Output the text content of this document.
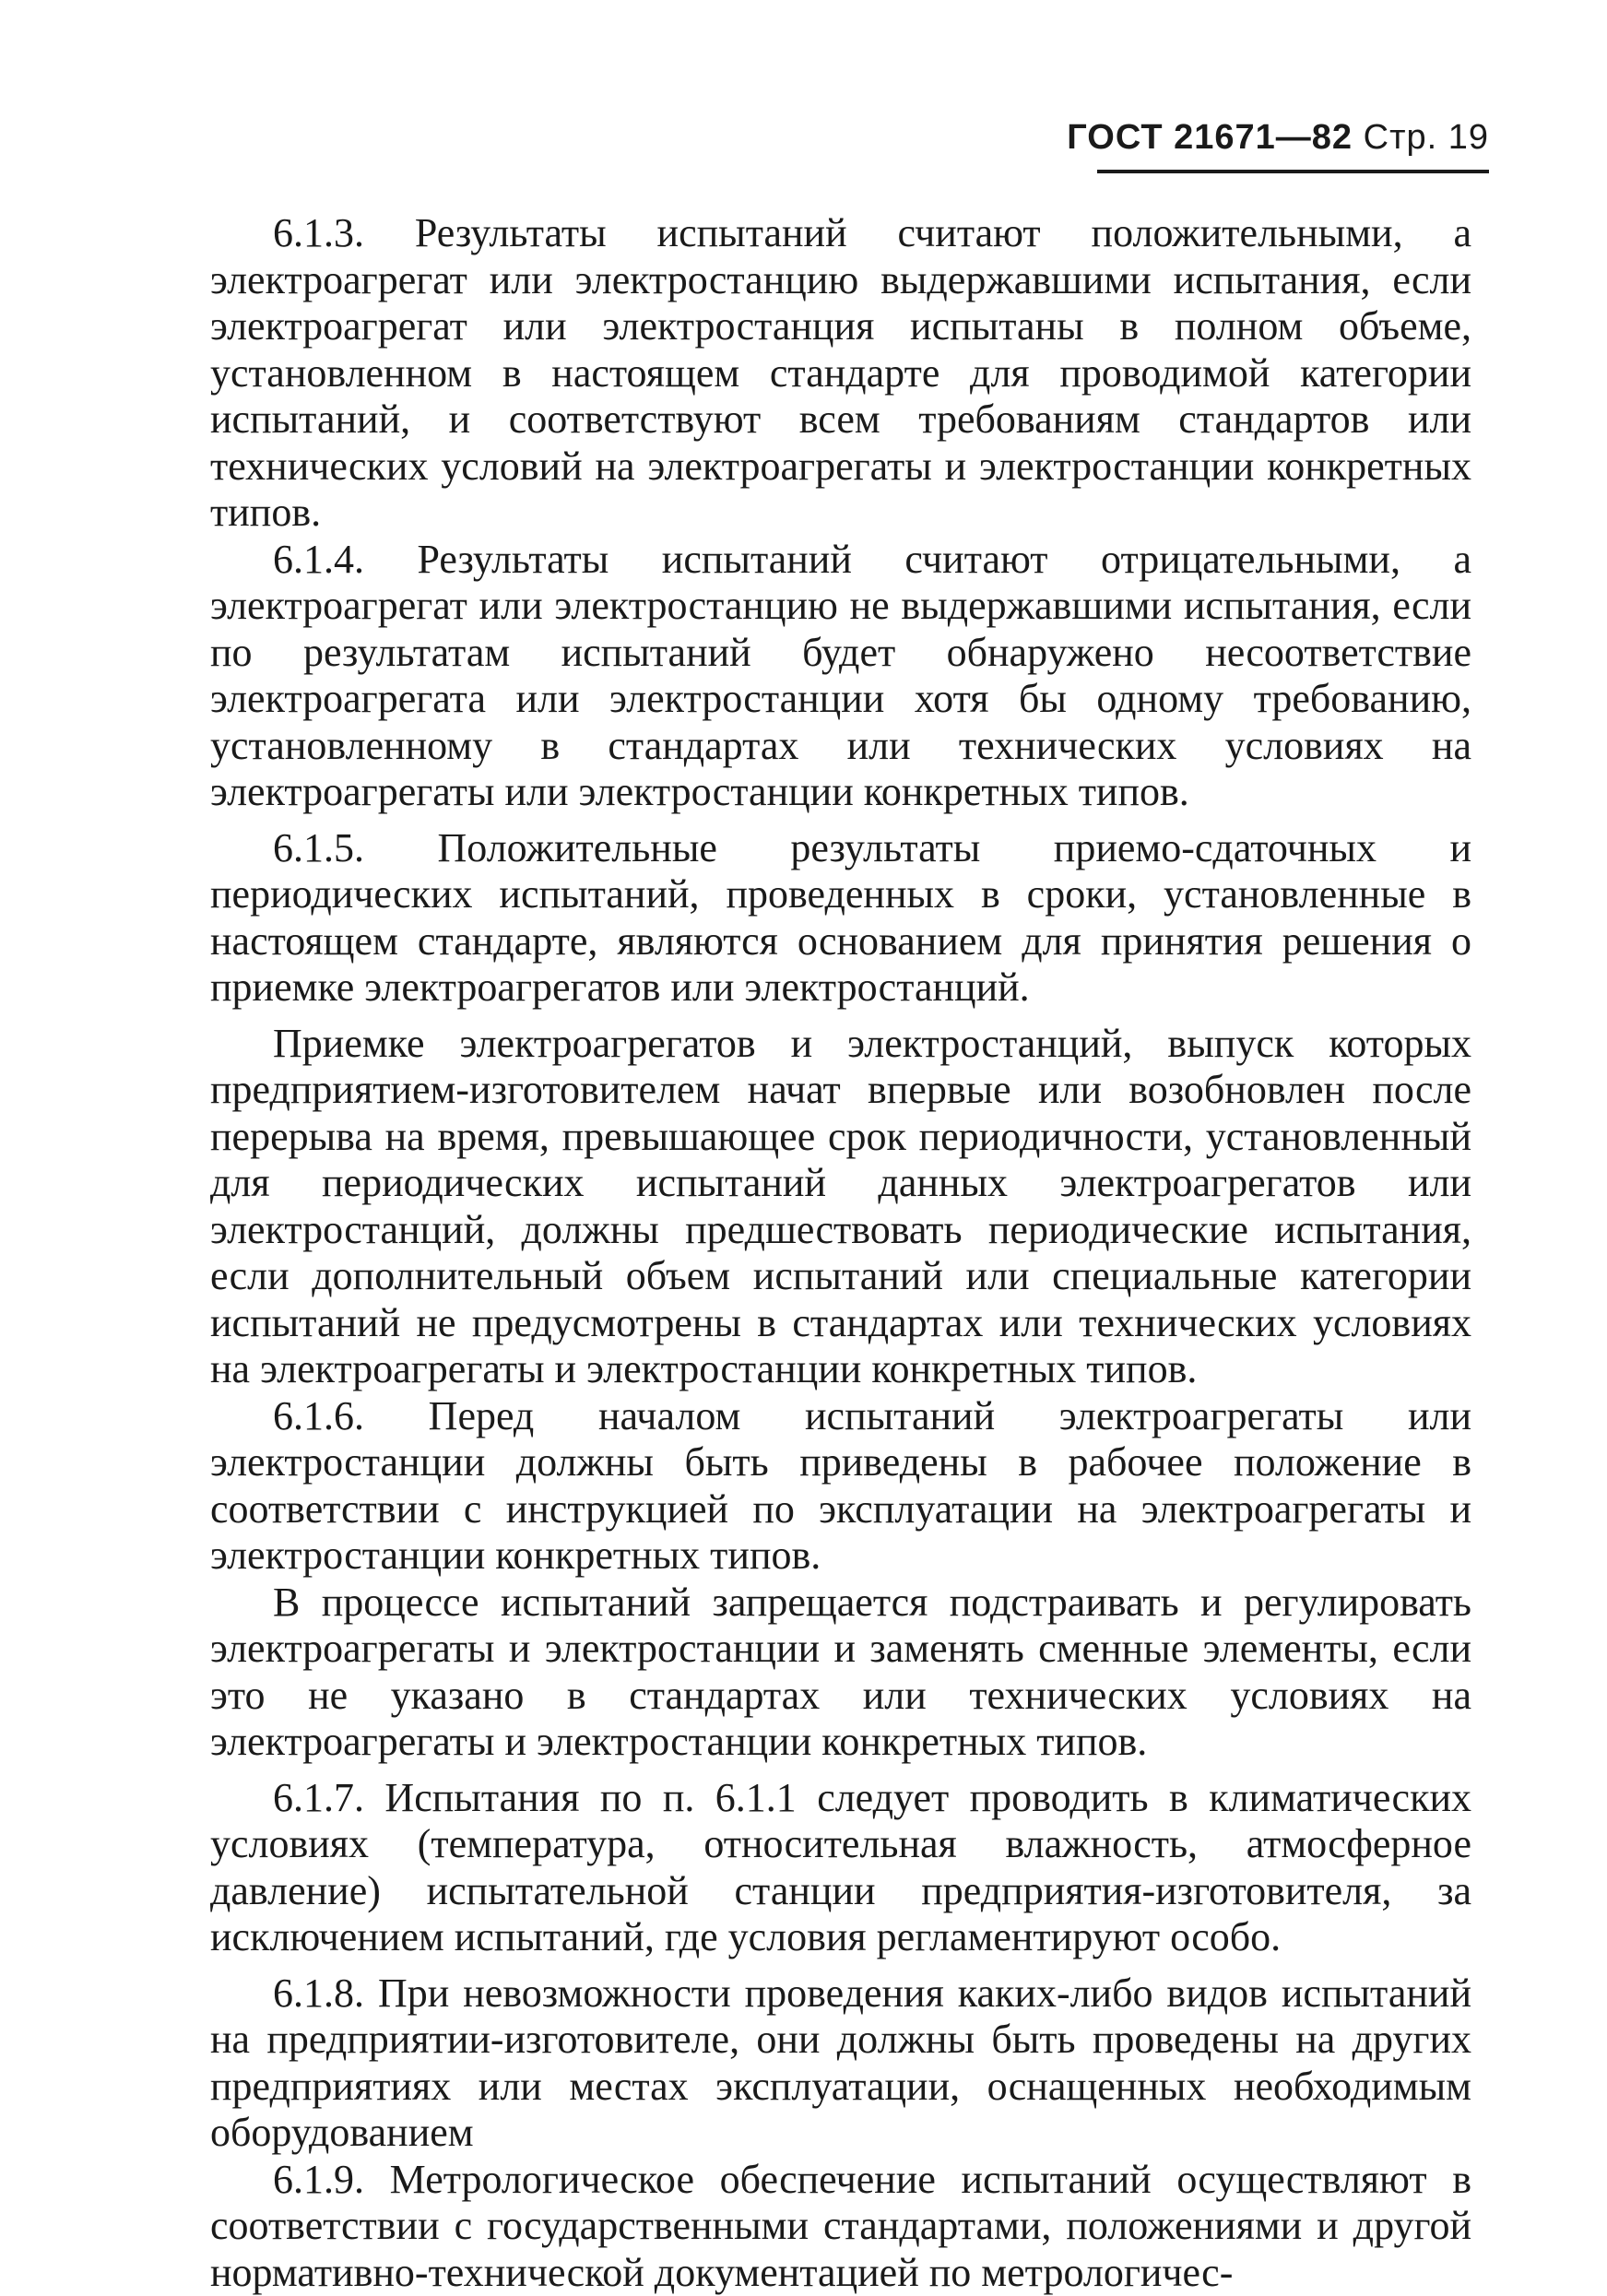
ГОСТ 21671—82 Стр. 19

6.1.3. Результаты испытаний считают положительными, а электроагрегат или электростанцию выдержавшими испытания, если электроагрегат или электростанция испытаны в полном объеме, установленном в настоящем стандарте для проводимой категории испытаний, и соответствуют всем требованиям стандартов или технических условий на электроагрегаты и электростанции конкретных типов.

6.1.4. Результаты испытаний считают отрицательными, а электроагрегат или электростанцию не выдержавшими испытания, если по результатам испытаний будет обнаружено несоответствие электроагрегата или электростанции хотя бы одному требованию, установленному в стандартах или технических условиях на электроагрегаты или электростанции конкретных типов.

6.1.5. Положительные результаты приемо-сдаточных и периодических испытаний, проведенных в сроки, установленные в настоящем стандарте, являются основанием для принятия решения о приемке электроагрегатов или электростанций.

Приемке электроагрегатов и электростанций, выпуск которых предприятием-изготовителем начат впервые или возобновлен после перерыва на время, превышающее срок периодичности, установленный для периодических испытаний данных электроагрегатов или электростанций, должны предшествовать периодические испытания, если дополнительный объем испытаний или специальные категории испытаний не предусмотрены в стандартах или технических условиях на электроагрегаты и электростанции конкретных типов.

6.1.6. Перед началом испытаний электроагрегаты или электростанции должны быть приведены в рабочее положение в соответствии с инструкцией по эксплуатации на электроагрегаты и электростанции конкретных типов.

В процессе испытаний запрещается подстраивать и регулировать электроагрегаты и электростанции и заменять сменные элементы, если это не указано в стандартах или технических условиях на электроагрегаты и электростанции конкретных типов.

6.1.7. Испытания по п. 6.1.1 следует проводить в климатических условиях (температура, относительная влажность, атмосферное давление) испытательной станции предприятия-изготовителя, за исключением испытаний, где условия регламентируют особо.

6.1.8. При невозможности проведения каких-либо видов испытаний на предприятии-изготовителе, они должны быть проведены на других предприятиях или местах эксплуатации, оснащенных необходимым оборудованием

6.1.9. Метрологическое обеспечение испытаний осуществляют в соответствии с государственными стандартами, положениями и другой нормативно-технической документацией по метрологичес-
